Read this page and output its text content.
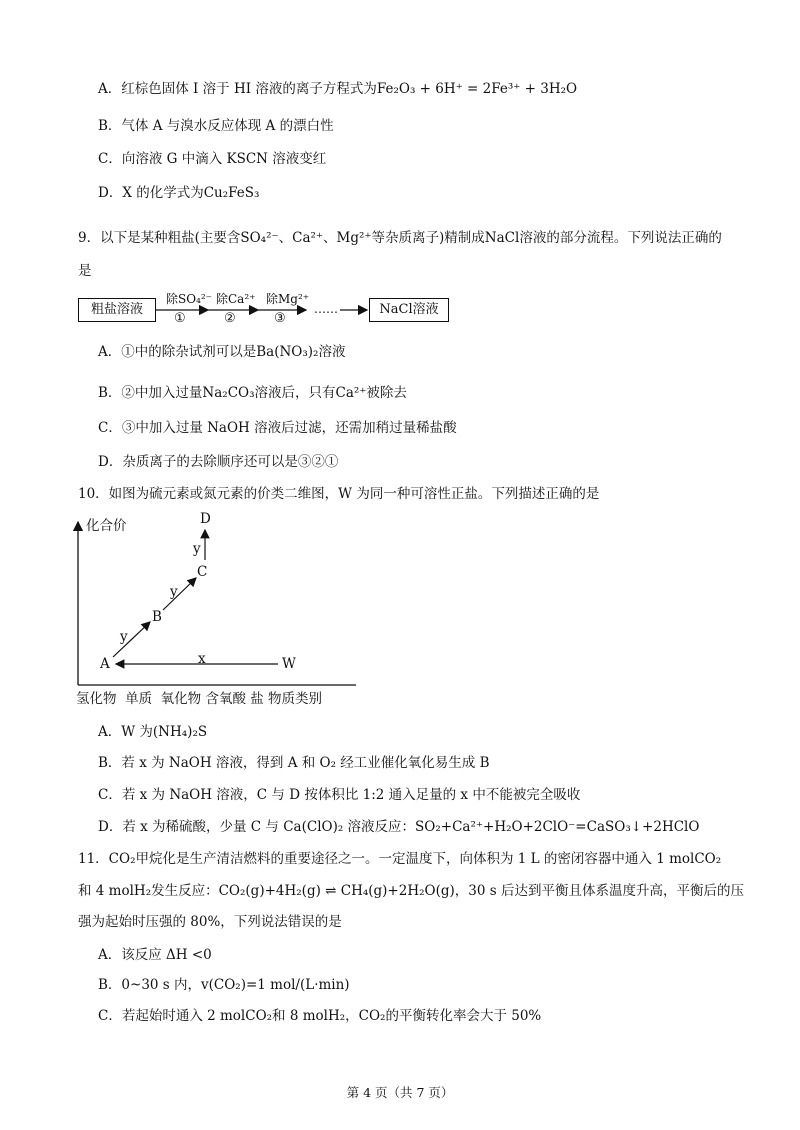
A．红棕色固体 I 溶于 HI 溶液的离子方程式为Fe₂O₃ + 6H⁺ = 2Fe³⁺ + 3H₂O
B．气体 A 与溴水反应体现 A 的漂白性
C．向溶液 G 中滴入 KSCN 溶液变红
D．X 的化学式为Cu₂FeS₃
9．以下是某种粗盐(主要含SO₄²⁻、Ca²⁺、Mg²⁺等杂质离子)精制成NaCl溶液的部分流程。下列说法正确的
是
粗盐溶液
除SO₄²⁻
①
除Ca²⁺
②
除Mg²⁺
③
……	NaCl溶液
A．①中的除杂试剂可以是Ba(NO₃)₂溶液
B．②中加入过量Na₂CO₃溶液后，只有Ca²⁺被除去
C．③中加入过量 NaOH 溶液后过滤，还需加稍过量稀盐酸
D．杂质离子的去除顺序还可以是③②①
10．如图为硫元素或氮元素的价类二维图，W 为同一种可溶性正盐。下列描述正确的是
化合价	D
y
C
y
B
y
A	x	W
氢化物  单质  氧化物 含氧酸 盐 物质类别
A．W 为(NH₄)₂S
B．若 x 为 NaOH 溶液，得到 A 和 O₂ 经工业催化氧化易生成 B
C．若 x 为 NaOH 溶液，C 与 D 按体积比 1:2 通入足量的 x 中不能被完全吸收
D．若 x 为稀硫酸，少量 C 与 Ca(ClO)₂ 溶液反应：SO₂+Ca²⁺+H₂O+2ClO⁻=CaSO₃↓+2HClO
11．CO₂甲烷化是生产清洁燃料的重要途径之一。一定温度下，向体积为 1 L 的密闭容器中通入 1 molCO₂
和 4 molH₂发生反应：CO₂(g)+4H₂(g) ⇌ CH₄(g)+2H₂O(g)，30 s 后达到平衡且体系温度升高，平衡后的压
强为起始时压强的 80%，下列说法错误的是
A．该反应 ΔH <0
B．0~30 s 内，v(CO₂)=1 mol/(L·min)
C．若起始时通入 2 molCO₂和 8 molH₂，CO₂的平衡转化率会大于 50%
第 4 页（共 7 页）
